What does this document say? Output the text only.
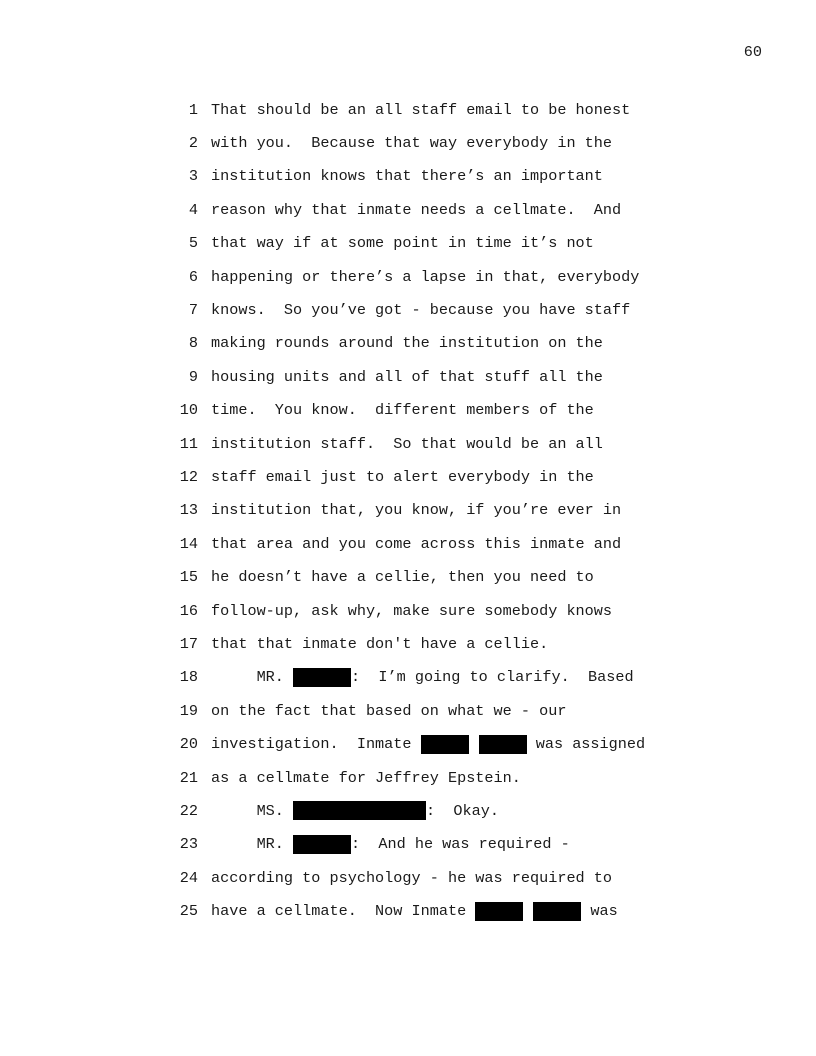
60
1 That should be an all staff email to be honest
2 with you.  Because that way everybody in the
3 institution knows that there’s an important
4 reason why that inmate needs a cellmate.  And
5 that way if at some point in time it’s not
6 happening or there’s a lapse in that, everybody
7 knows.  So you’ve got - because you have staff
8 making rounds around the institution on the
9 housing units and all of that stuff all the
10 time.  You know.  different members of the
11 institution staff.  So that would be an all
12 staff email just to alert everybody in the
13 institution that, you know, if you’re ever in
14 that area and you come across this inmate and
15 he doesn’t have a cellie, then you need to
16 follow-up, ask why, make sure somebody knows
17 that that inmate don't have a cellie.
18 MR.	:  I’m going to clarify.  Based
19 on the fact that based on what we - our
20 investigation.  Inmate	was assigned
21 as a cellmate for Jeffrey Epstein.
22 MS.	:  Okay.
23 MR.	:  And he was required -
24 according to psychology - he was required to
25 have a cellmate.  Now Inmate	was
